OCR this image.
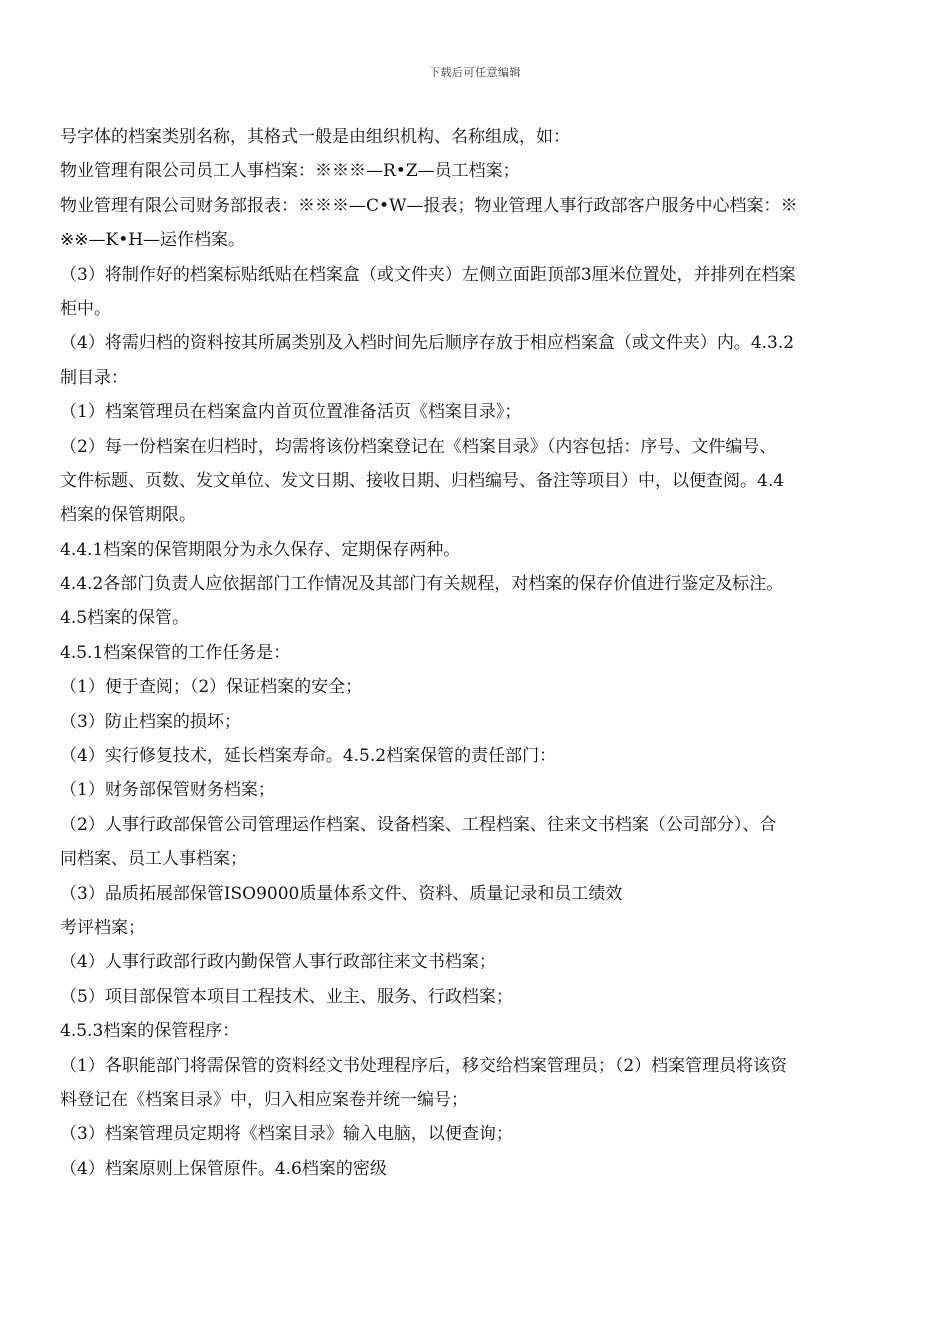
下载后可任意编辑
号字体的档案类别名称，其格式一般是由组织机构、名称组成，如：
物业管理有限公司员工人事档案：※※※—R•Z—员工档案；
物业管理有限公司财务部报表：※※※—C•W—报表；物业管理人事行政部客户服务中心档案：※
※※—K•H—运作档案。
（3）将制作好的档案标贴纸贴在档案盒（或文件夹）左侧立面距顶部3厘米位置处，并排列在档案
柜中。
（4）将需归档的资料按其所属类别及入档时间先后顺序存放于相应档案盒（或文件夹）内。4.3.2
制目录：
（1）档案管理员在档案盒内首页位置准备活页《档案目录》；
（2）每一份档案在归档时，均需将该份档案登记在《档案目录》（内容包括：序号、文件编号、
文件标题、页数、发文单位、发文日期、接收日期、归档编号、备注等项目）中，以便查阅。4.4
档案的保管期限。
4.4.1档案的保管期限分为永久保存、定期保存两种。
4.4.2各部门负责人应依据部门工作情况及其部门有关规程，对档案的保存价值进行鉴定及标注。
4.5档案的保管。
4.5.1档案保管的工作任务是：
（1）便于查阅；（2）保证档案的安全；
（3）防止档案的损坏；
（4）实行修复技术，延长档案寿命。4.5.2档案保管的责任部门：
（1）财务部保管财务档案；
（2）人事行政部保管公司管理运作档案、设备档案、工程档案、往来文书档案（公司部分）、合
同档案、员工人事档案；
（3）品质拓展部保管ISO9000质量体系文件、资料、质量记录和员工绩效
考评档案；
（4）人事行政部行政内勤保管人事行政部往来文书档案；
（5）项目部保管本项目工程技术、业主、服务、行政档案；
4.5.3档案的保管程序：
（1）各职能部门将需保管的资料经文书处理程序后，移交给档案管理员；（2）档案管理员将该资
料登记在《档案目录》中，归入相应案卷并统一编号；
（3）档案管理员定期将《档案目录》输入电脑，以便查询；
（4）档案原则上保管原件。4.6档案的密级
